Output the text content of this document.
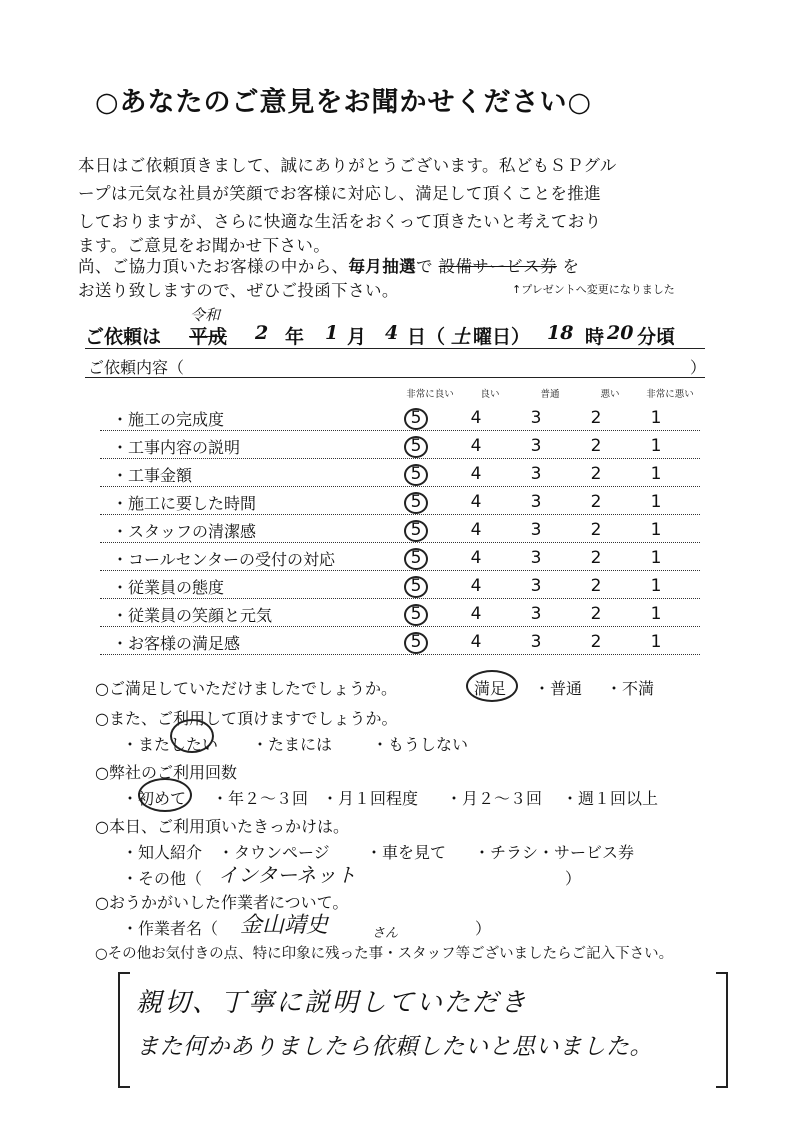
○あなたのご意見をお聞かせください○
本日はご依頼頂きまして、誠にありがとうございます。私どもＳＰグル
ープは元気な社員が笑顔でお客様に対応し、満足して頂くことを推進
しておりますが、さらに快適な生活をおくって頂きたいと考えており
ます。ご意見をお聞かせ下さい。
尚、ご協力頂いたお客様の中から、毎月抽選で 設備サービス券 を
お送り致しますので、ぜひご投函下さい。	↑プレゼントへ変更になりました
令和
ご依頼は 平成 2 年 1 月 4 日（ 土 曜日） 18 時 20 分頃
ご依頼内容（	）
非常に良い	良い	普通	悪い	非常に悪い
・施工の完成度	5	4	3	2	1
・工事内容の説明	5	4	3	2	1
・工事金額	5	4	3	2	1
・施工に要した時間	5	4	3	2	1
・スタッフの清潔感	5	4	3	2	1
・コールセンターの受付の対応	5	4	3	2	1
・従業員の態度	5	4	3	2	1
・従業員の笑顔と元気	5	4	3	2	1
・お客様の満足感	5	4	3	2	1
○ご満足していただけましたでしょうか。	満足 ・普通 ・不満
○また、ご利用して頂けますでしょうか。
・またしたい ・たまには ・もうしない
○弊社のご利用回数
・初めて ・年２～３回 ・月１回程度 ・月２～３回 ・週１回以上
○本日、ご利用頂いたきっかけは。
・知人紹介 ・タウンページ ・車を見て ・チラシ・サービス券
・その他（ インターネット	）
○おうかがいした作業者について。
・作業者名（ 金山靖史	さん	）
○その他お気付きの点、特に印象に残った事・スタッフ等ございましたらご記入下さい。
親切、丁寧に説明していただき
また何かありましたら依頼したいと思いました。
